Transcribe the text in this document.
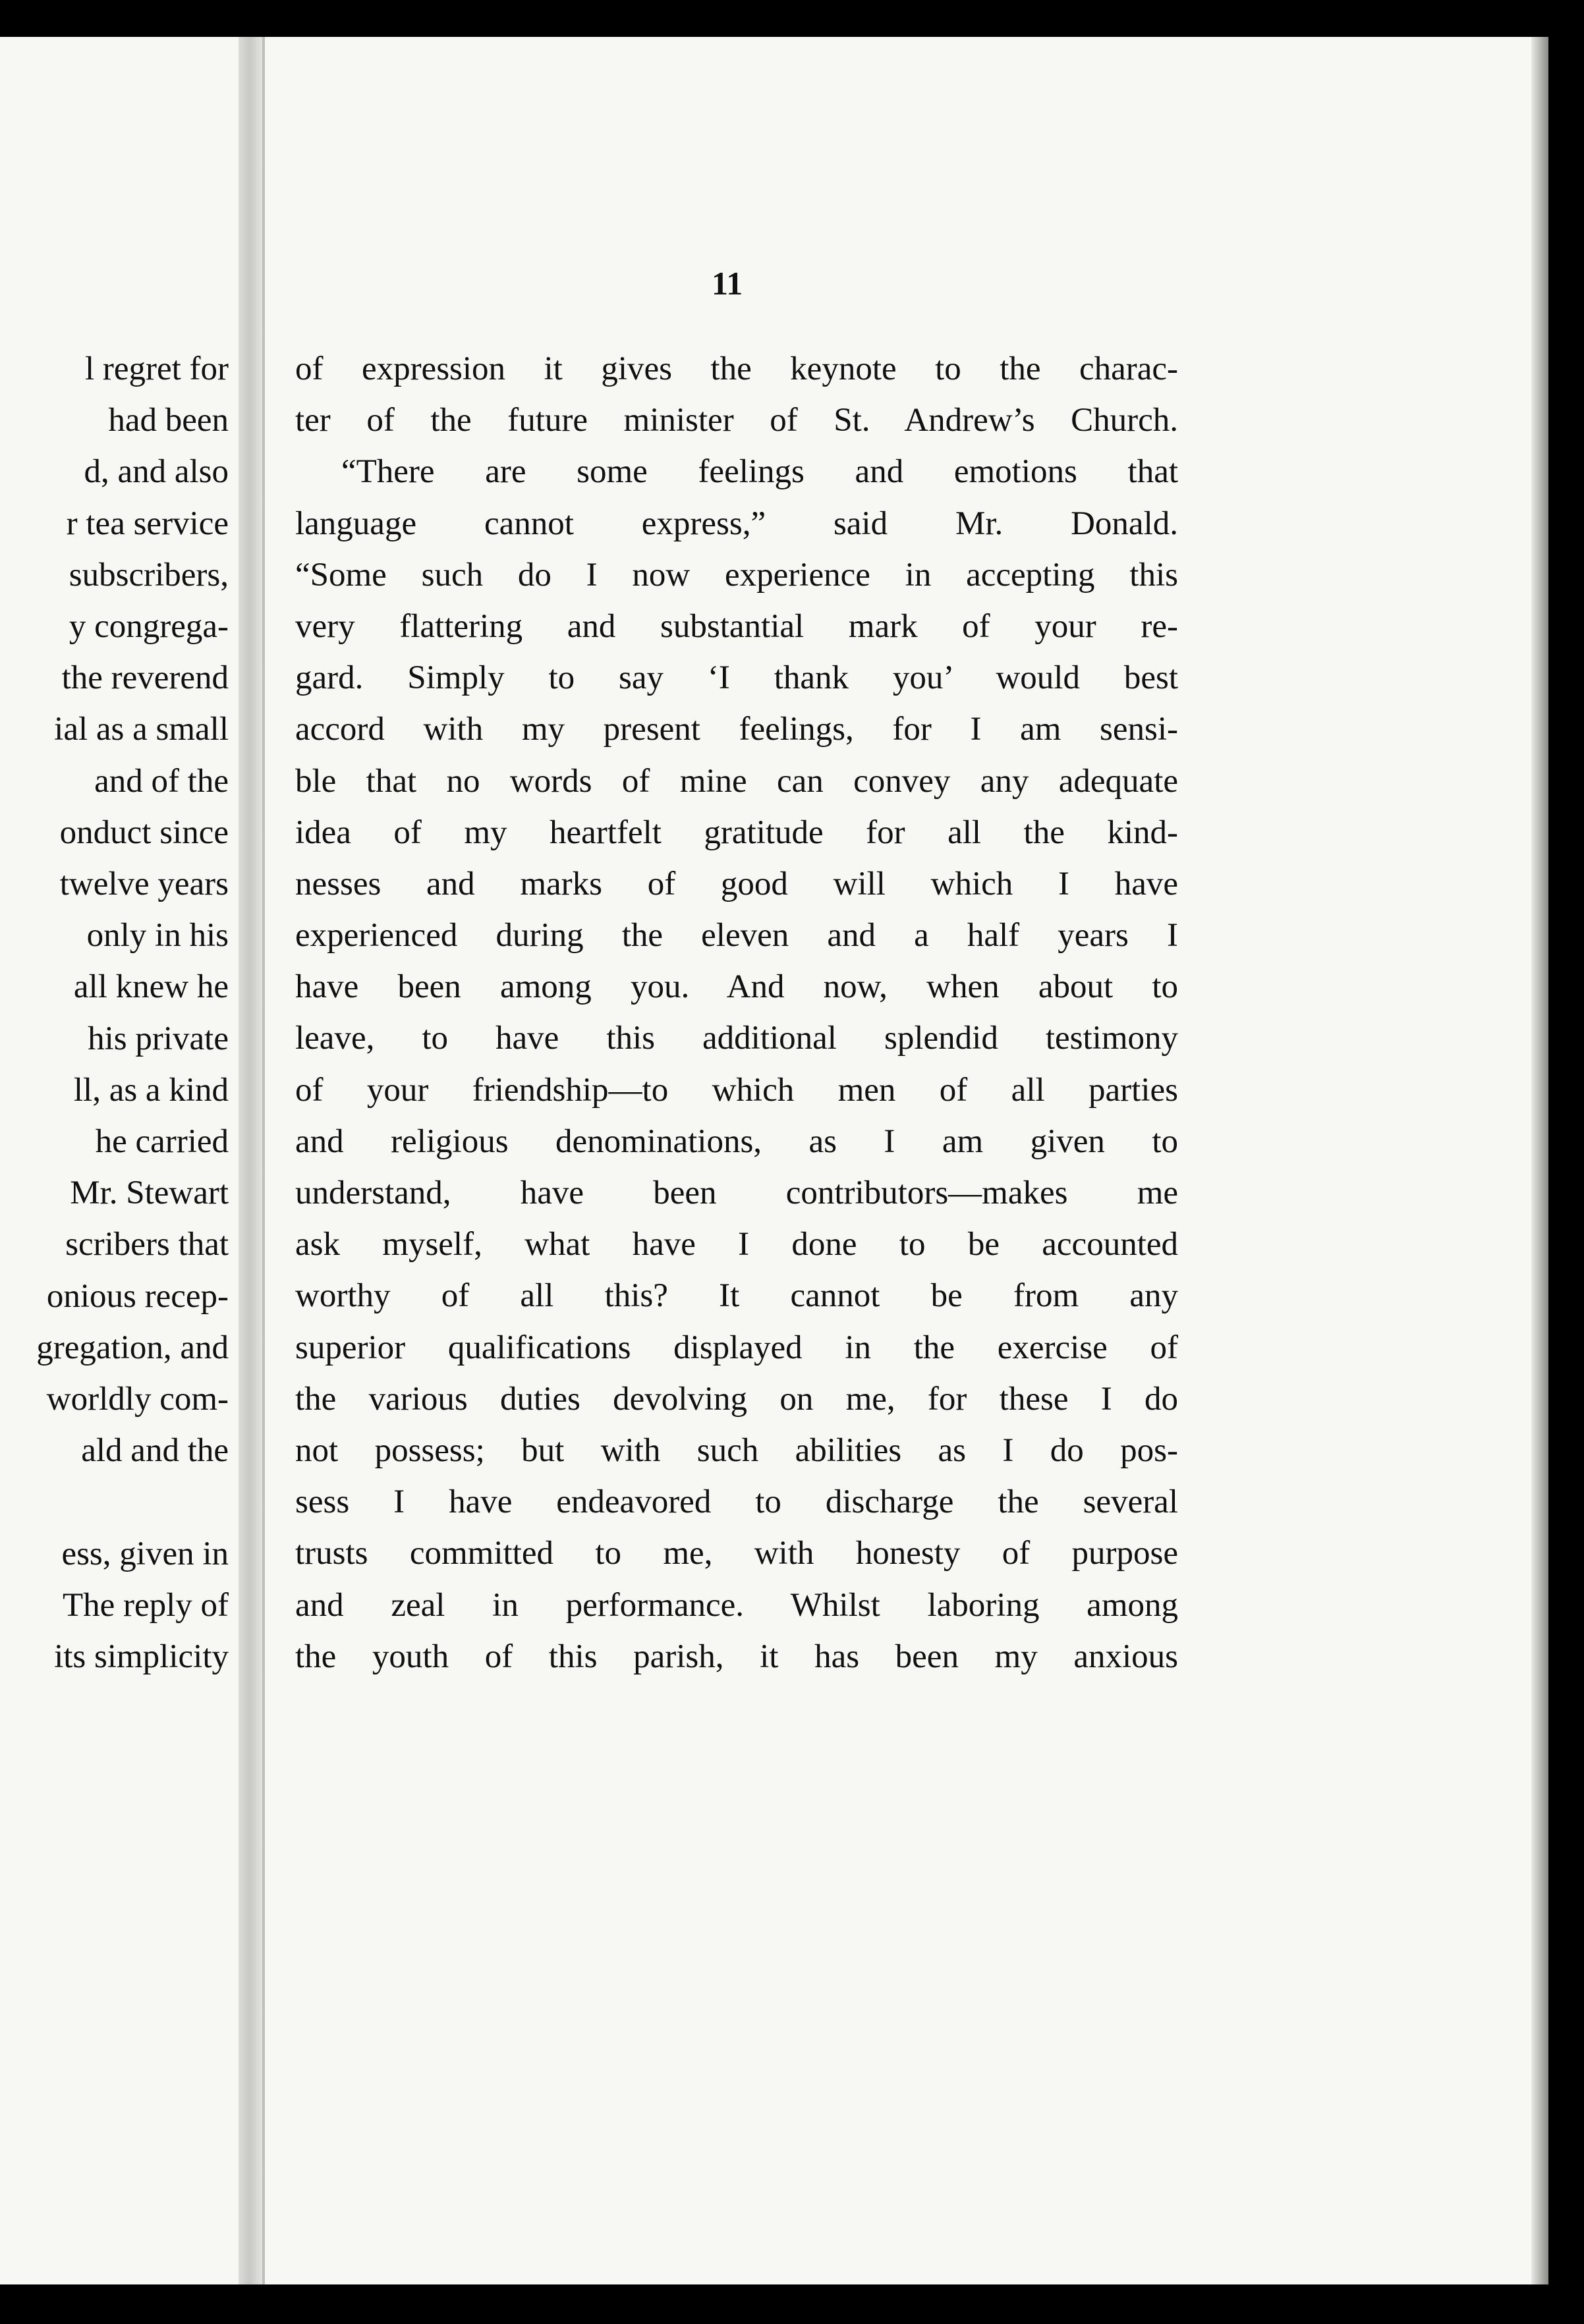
l regret for
had been
d, and also
r tea service
subscribers,
y congrega-
the reverend
ial as a small
and of the
onduct since
twelve years
only in his
all knew he
his private
ll, as a kind
he carried
Mr. Stewart
scribers that
onious recep-
gregation, and
worldly com-
ald and the
ess, given in
The reply of
its simplicity
11
of expression it gives the keynote to the charac-
ter of the future minister of St. Andrew’s Church.
“There are some feelings and emotions that
language cannot express,” said Mr. Donald.
“Some such do I now experience in accepting this
very flattering and substantial mark of your re-
gard. Simply to say ‘I thank you’ would best
accord with my present feelings, for I am sensi-
ble that no words of mine can convey any adequate
idea of my heartfelt gratitude for all the kind-
nesses and marks of good will which I have
experienced during the eleven and a half years I
have been among you. And now, when about to
leave, to have this additional splendid testimony
of your friendship—to which men of all parties
and religious denominations, as I am given to
understand, have been contributors—makes me
ask myself, what have I done to be accounted
worthy of all this? It cannot be from any
superior qualifications displayed in the exercise of
the various duties devolving on me, for these I do
not possess; but with such abilities as I do pos-
sess I have endeavored to discharge the several
trusts committed to me, with honesty of purpose
and zeal in performance. Whilst laboring among
the youth of this parish, it has been my anxious
